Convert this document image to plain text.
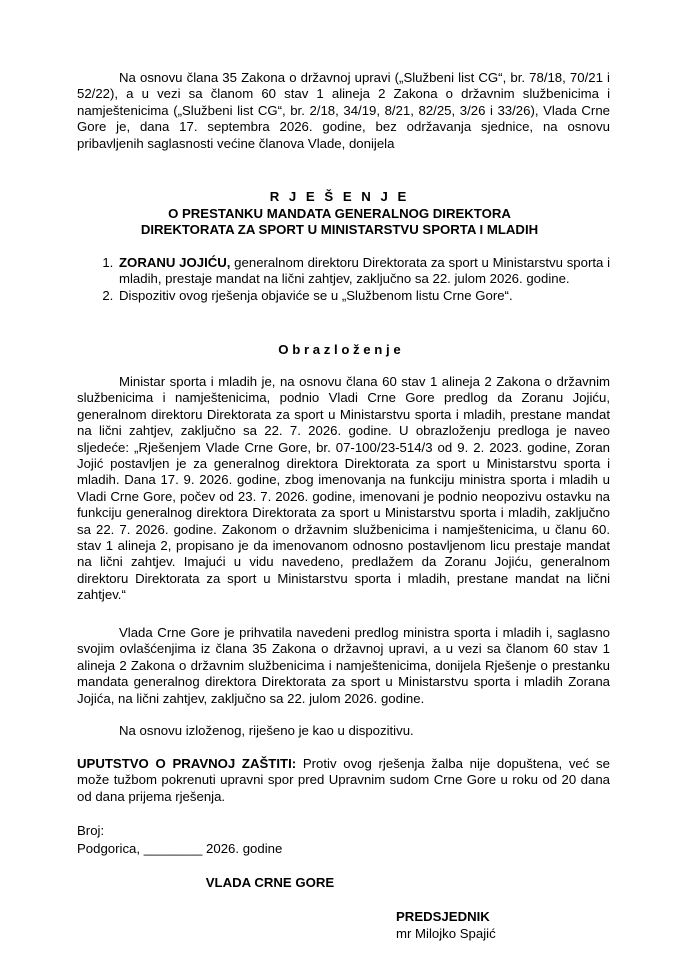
Na osnovu člana 35 Zakona o državnoj upravi („Službeni list CG“, br. 78/18, 70/21 i 52/22), a u vezi sa članom 60 stav 1 alineja 2 Zakona o državnim službenicima i namještenicima („Službeni list CG“, br. 2/18, 34/19, 8/21, 82/25, 3/26 i 33/26), Vlada Crne Gore je, dana 17. septembra 2026. godine, bez održavanja sjednice, na osnovu pribavljenih saglasnosti većine članova Vlade, donijela
R J E Š E N J E
O PRESTANKU MANDATA GENERALNOG DIREKTORA
DIREKTORATA ZA SPORT U MINISTARSTVU SPORTA I MLADIH
1. ZORANU JOJIĆU, generalnom direktoru Direktorata za sport u Ministarstvu sporta i mladih, prestaje mandat na lični zahtjev, zaključno sa 22. julom 2026. godine.
2. Dispozitiv ovog rješenja objaviće se u „Službenom listu Crne Gore“.
O b r a z l o ž e n j e
Ministar sporta i mladih je, na osnovu člana 60 stav 1 alineja 2 Zakona o državnim službenicima i namještenicima, podnio Vladi Crne Gore predlog da Zoranu Jojiću, generalnom direktoru Direktorata za sport u Ministarstvu sporta i mladih, prestane mandat na lični zahtjev, zaključno sa 22. 7. 2026. godine. U obrazloženju predloga je naveo sljedeće: „Rješenjem Vlade Crne Gore, br. 07-100/23-514/3 od 9. 2. 2023. godine, Zoran Jojić postavljen je za generalnog direktora Direktorata za sport u Ministarstvu sporta i mladih. Dana 17. 9. 2026. godine, zbog imenovanja na funkciju ministra sporta i mladih u Vladi Crne Gore, počev od 23. 7. 2026. godine, imenovani je podnio neopozivu ostavku na funkciju generalnog direktora Direktorata za sport u Ministarstvu sporta i mladih, zaključno sa 22. 7. 2026. godine. Zakonom o državnim službenicima i namještenicima, u članu 60. stav 1 alineja 2, propisano je da imenovanom odnosno postavljenom licu prestaje mandat na lični zahtjev. Imajući u vidu navedeno, predlažem da Zoranu Jojiću, generalnom direktoru Direktorata za sport u Ministarstvu sporta i mladih, prestane mandat na lični zahtjev.“
Vlada Crne Gore je prihvatila navedeni predlog ministra sporta i mladih i, saglasno svojim ovlašćenjima iz člana 35 Zakona o državnoj upravi, a u vezi sa članom 60 stav 1 alineja 2 Zakona o državnim službenicima i namještenicima, donijela Rješenje o prestanku mandata generalnog direktora Direktorata za sport u Ministarstvu sporta i mladih Zorana Jojića, na lični zahtjev, zaključno sa 22. julom 2026. godine.
Na osnovu izloženog, riješeno je kao u dispozitivu.
UPUTSTVO O PRAVNOJ ZAŠTITI: Protiv ovog rješenja žalba nije dopuštena, već se može tužbom pokrenuti upravni spor pred Upravnim sudom Crne Gore u roku od 20 dana od dana prijema rješenja.
Broj:
Podgorica, ________ 2026. godine
VLADA CRNE GORE
PREDSJEDNIK
mr Milojko Spajić
